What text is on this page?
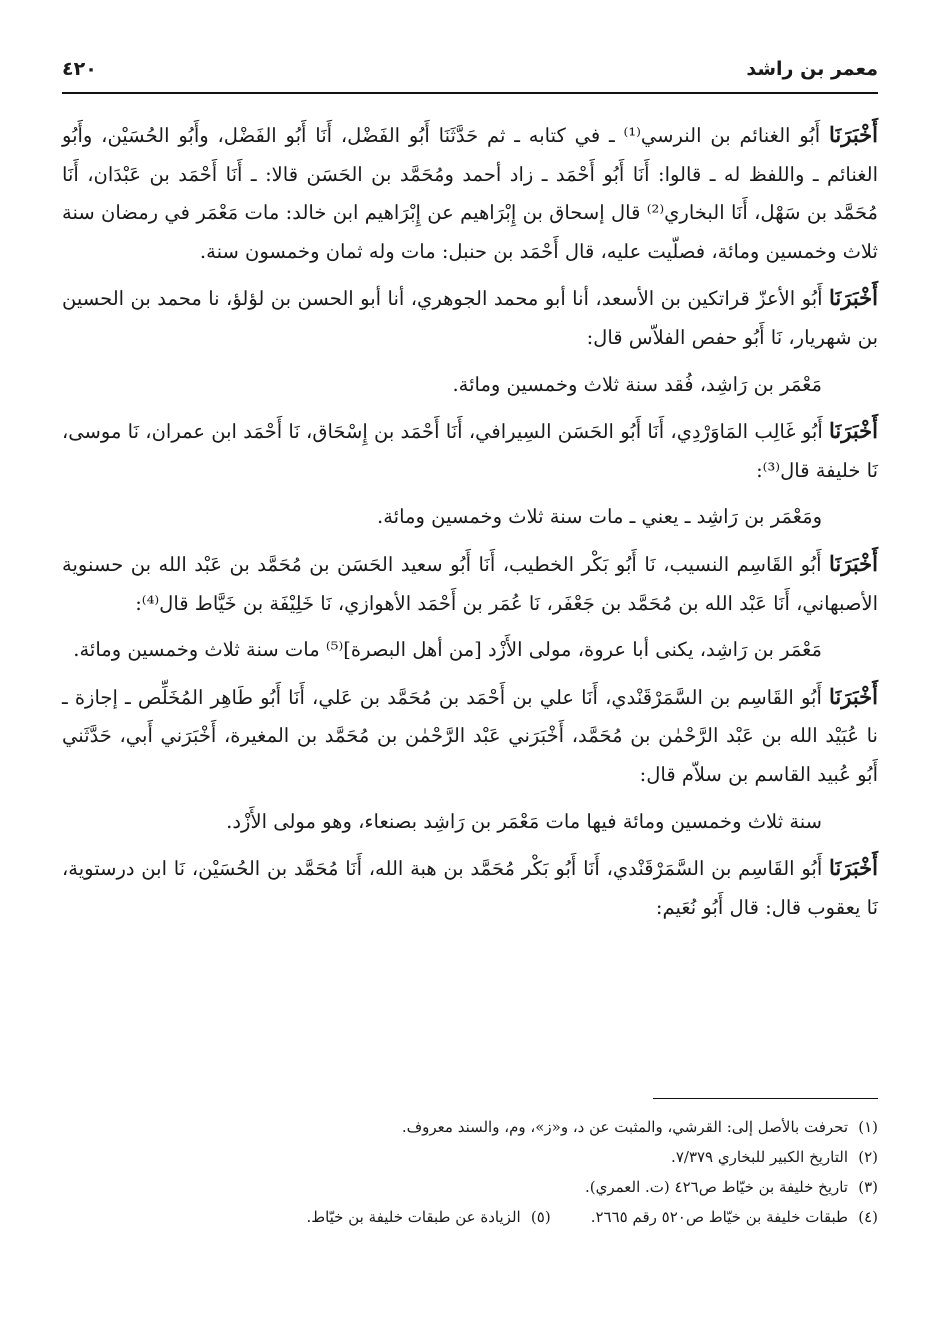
معمر بن راشد
٤٢٠

أَخْبَرَنَا أَبُو الغنائم بن النرسي⁽¹⁾ ـ في كتابه ـ ثم حَدَّثَنَا أَبُو الفَضْل، أَنَا أَبُو الفَضْل، وأَبُو الحُسَيْن، وأَبُو الغنائم ـ واللفظ له ـ قالوا: أَنَا أَبُو أَحْمَد ـ زاد أحمد ومُحَمَّد بن الحَسَن قالا: ـ أَنَا أَحْمَد بن عَبْدَان، أَنَا مُحَمَّد بن سَهْل، أَنَا البخاري⁽²⁾ قال إسحاق بن إِبْرَاهيم عن إِبْرَاهيم ابن خالد: مات مَعْمَر في رمضان سنة ثلاث وخمسين ومائة، فصلّيت عليه، قال أَحْمَد بن حنبل: مات وله ثمان وخمسون سنة.

أَخْبَرَنَا أَبُو الأعزّ قراتكين بن الأسعد، أنا أبو محمد الجوهري، أنا أبو الحسن بن لؤلؤ، نا محمد بن الحسين بن شهريار، نَا أَبُو حفص الفلاّس قال:

مَعْمَر بن رَاشِد، فُقد سنة ثلاث وخمسين ومائة.

أَخْبَرَنَا أَبُو غَالِب المَاوَرْدِي، أَنَا أَبُو الحَسَن السِيرافي، أَنَا أَحْمَد بن إِسْحَاق، نَا أَحْمَد ابن عمران، نَا موسى، نَا خليفة قال⁽³⁾:

ومَعْمَر بن رَاشِد ـ يعني ـ مات سنة ثلاث وخمسين ومائة.

أَخْبَرَنَا أَبُو القَاسِم النسيب، نَا أَبُو بَكْر الخطيب، أَنَا أَبُو سعيد الحَسَن بن مُحَمَّد بن عَبْد الله بن حسنوية الأصبهاني، أَنَا عَبْد الله بن مُحَمَّد بن جَعْفَر، نَا عُمَر بن أَحْمَد الأهوازي، نَا خَلِيْفَة بن خَيَّاط قال⁽⁴⁾:

مَعْمَر بن رَاشِد، يكنى أبا عروة، مولى الأَزْد [من أهل البصرة]⁽⁵⁾ مات سنة ثلاث وخمسين ومائة.

أَخْبَرَنَا أَبُو القَاسِم بن السَّمَرْقَنْدي، أَنَا علي بن أَحْمَد بن مُحَمَّد بن عَلي، أَنَا أَبُو طَاهِر المُخَلِّص ـ إجازة ـ نا عُبَيْد الله بن عَبْد الرَّحْمٰن بن مُحَمَّد، أَخْبَرَني عَبْد الرَّحْمٰن بن مُحَمَّد بن المغيرة، أَخْبَرَني أَبي، حَدَّثَني أَبُو عُبيد القاسم بن سلاّم قال:

سنة ثلاث وخمسين ومائة فيها مات مَعْمَر بن رَاشِد بصنعاء، وهو مولى الأَزْد.

أَخْبَرَنَا أَبُو القَاسِم بن السَّمَرْقَنْدي، أَنَا أَبُو بَكْر مُحَمَّد بن هبة الله، أَنَا مُحَمَّد بن الحُسَيْن، نَا ابن درستوية، نَا يعقوب قال: قال أَبُو نُعَيم:

(١)تحرفت بالأصل إلى: القرشي، والمثبت عن د، و«ز»، وم، والسند معروف.
(٢)التاريخ الكبير للبخاري ٧/٣٧٩.
(٣)تاريخ خليفة بن خيّاط ص٤٢٦ (ت. العمري).
(٤)طبقات خليفة بن خيّاط ص٥٢٠ رقم ٢٦٦٥.
(٥)الزيادة عن طبقات خليفة بن خيّاط.
